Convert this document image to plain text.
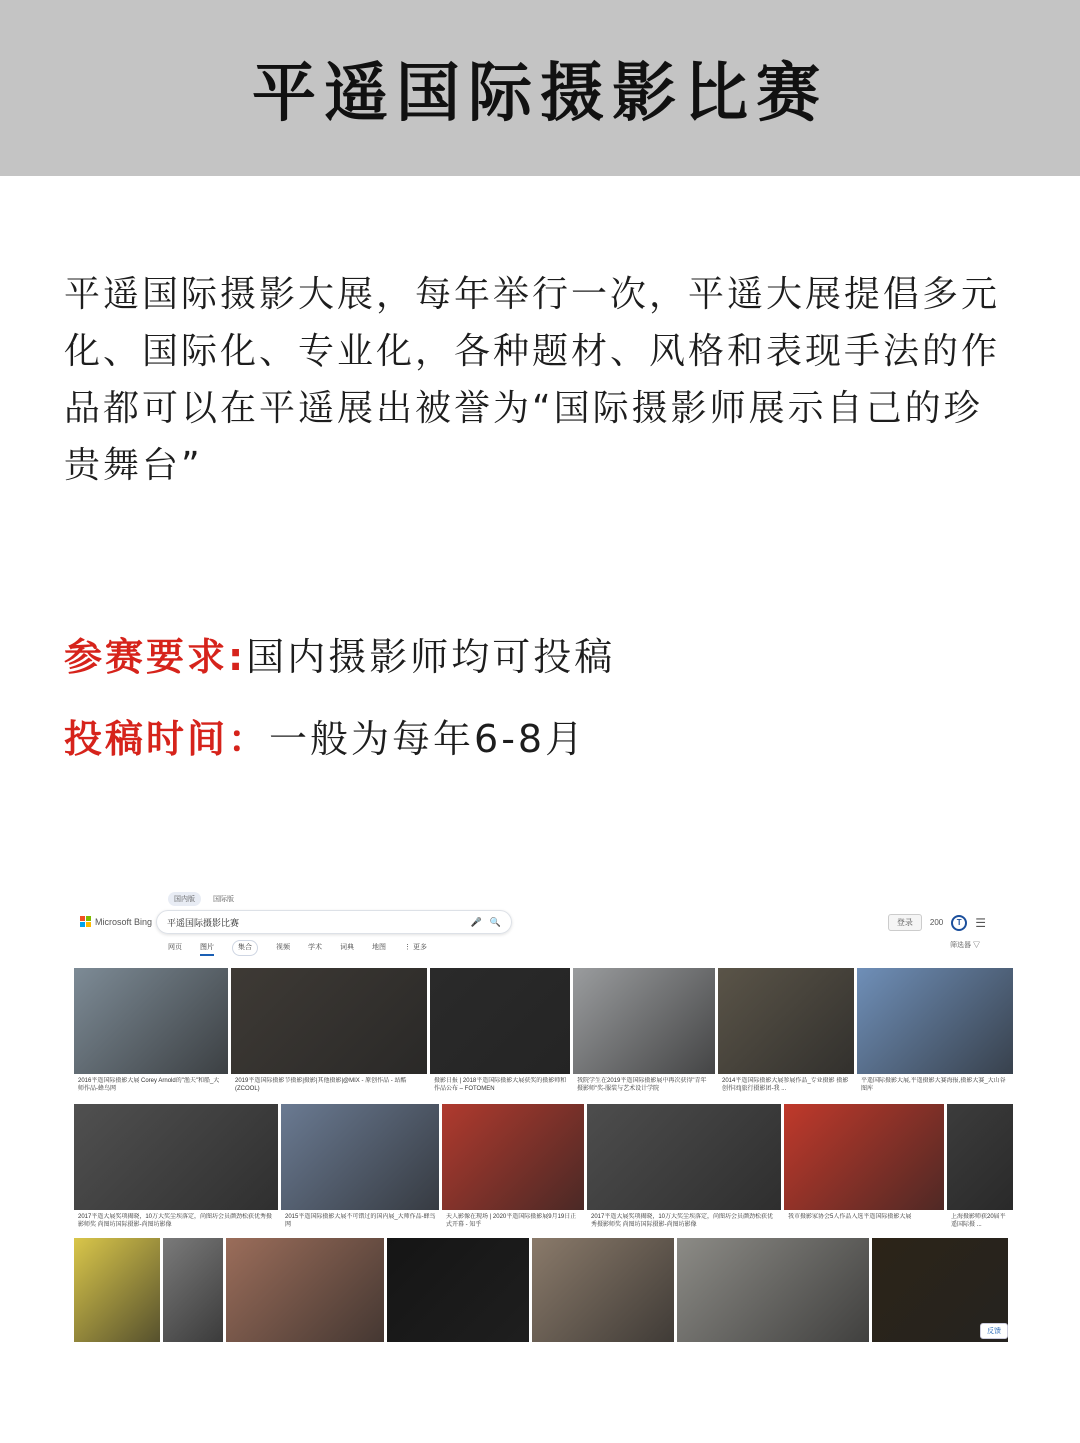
平遥国际摄影比赛

平遥国际摄影大展，每年举行一次，平遥大展提倡多元化、国际化、专业化，各种题材、风格和表现手法的作品都可以在平遥展出被誉为“国际摄影师展示自己的珍贵舞台”

参赛要求:国内摄影师均可投稿
投稿时间：一般为每年6-8月
国内版	国际版
Microsoft Bing 平遥国际摄影比赛	🎤 🔍	登录	200	T	☰
网页	图片	集合	视频	学术	词典	地图	⋮ 更多	筛选器 ▽
2016平遥国际摄影大展 Corey Arnold的"渔夫"和船_大师作品-蜂鸟网
2019平遥国际摄影节摄影|摄影|其他摄影|@MIX - 原创作品 - 站酷 (ZCOOL)
摄影日报 | 2018平遥国际摄影大展获奖的摄影师和作品公布 – FOTOMEN
我院学生在2019平遥国际摄影展中再次获得"青年摄影师"奖-服装与艺术设计学院
2014平遥国际摄影大展参展作品_专业摄影 摄影创作团|旅行摄影团-我 ...
平遥国际摄影大展,平遥摄影大赛海报,摄影大赛_大山谷图库
2017平遥大展奖项揭晓，10万大奖尘埃落定，尚图坊会员颜劲松获优秀摄影师奖 尚图坊国际摄影-尚图坊影像
2015平遥国际摄影大展不可错过的国内展_大师作品-蜂鸟网
天人影像在现场 | 2020平遥国际摄影展9月19日正式开幕 - 知乎
2017平遥大展奖项揭晓，10万大奖尘埃落定，尚图坊会员颜劲松获优秀摄影师奖 尚图坊国际摄影-尚图坊影像
我市摄影家协会5人作品入选平遥国际摄影大展	上海摄影师获20届平遥国际摄 ...
反馈
